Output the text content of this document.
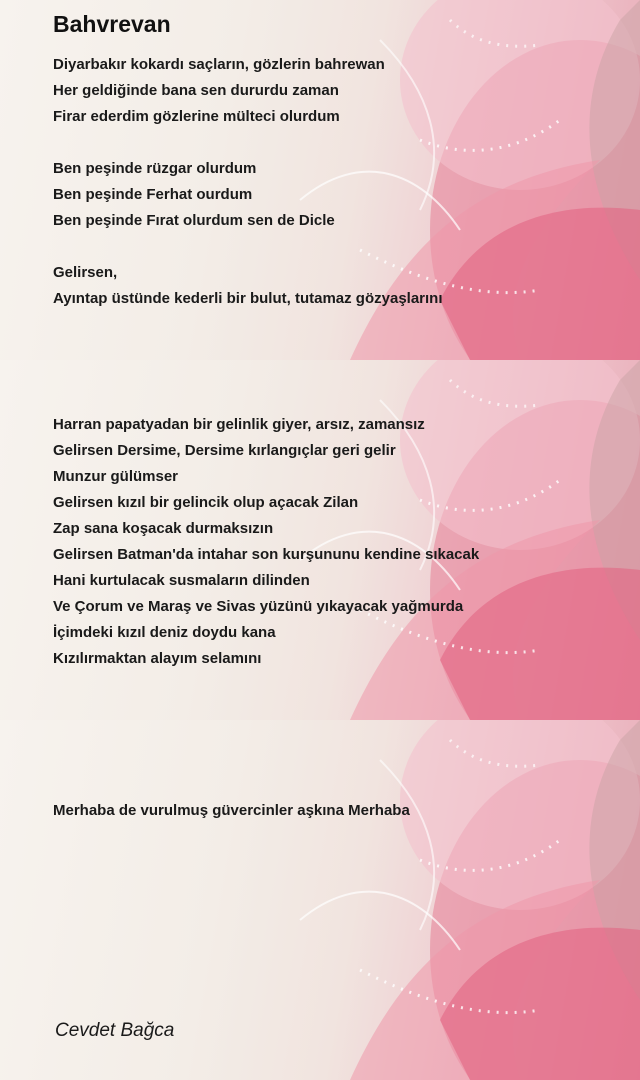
Bahvrevan

Diyarbakır kokardı saçların, gözlerin bahrewan

Her geldiğinde bana sen dururdu zaman

Firar ederdim gözlerine mülteci olurdum

Ben peşinde rüzgar olurdum

Ben peşinde Ferhat ourdum

Ben peşinde Fırat olurdum sen de Dicle

Gelirsen,

Ayıntap üstünde kederli bir bulut, tutamaz gözyaşlarını

Harran papatyadan bir gelinlik giyer, arsız, zamansız

Gelirsen Dersime, Dersime kırlangıçlar geri gelir

Munzur gülümser

Gelirsen kızıl bir gelincik olup açacak Zilan

Zap sana koşacak durmaksızın

Gelirsen Batman'da intahar son kurşununu kendine sıkacak

Hani kurtulacak susmaların dilinden

Ve Çorum ve Maraş ve Sivas yüzünü yıkayacak yağmurda

İçimdeki kızıl deniz doydu kana

Kızılırmaktan alayım selamını

Merhaba de vurulmuş güvercinler aşkına Merhaba

Cevdet Bağca
